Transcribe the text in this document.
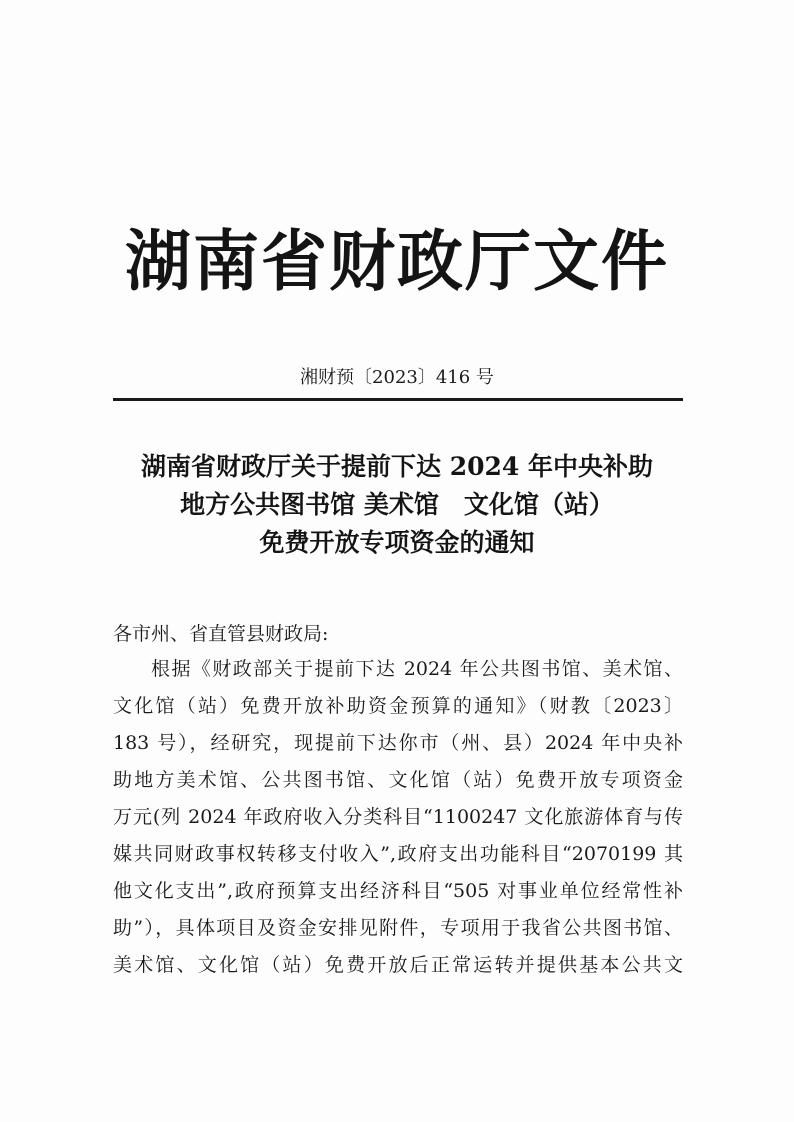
湖南省财政厅文件
湘财预〔2023〕416 号
湖南省财政厅关于提前下达 2024 年中央补助
地方公共图书馆 美术馆　文化馆（站）
免费开放专项资金的通知
各市州、省直管县财政局:
根据《财政部关于提前下达 2024 年公共图书馆、美术馆、
文化馆（站）免费开放补助资金预算的通知》（财教〔2023〕
183 号），经研究，现提前下达你市（州、县）2024 年中央补
助地方美术馆、公共图书馆、文化馆（站）免费开放专项资金
万元(列 2024 年政府收入分类科目“1100247 文化旅游体育与传
媒共同财政事权转移支付收入”,政府支出功能科目“2070199 其
他文化支出”,政府预算支出经济科目“505 对事业单位经常性补
助”），具体项目及资金安排见附件，专项用于我省公共图书馆、
美术馆、文化馆（站）免费开放后正常运转并提供基本公共文
